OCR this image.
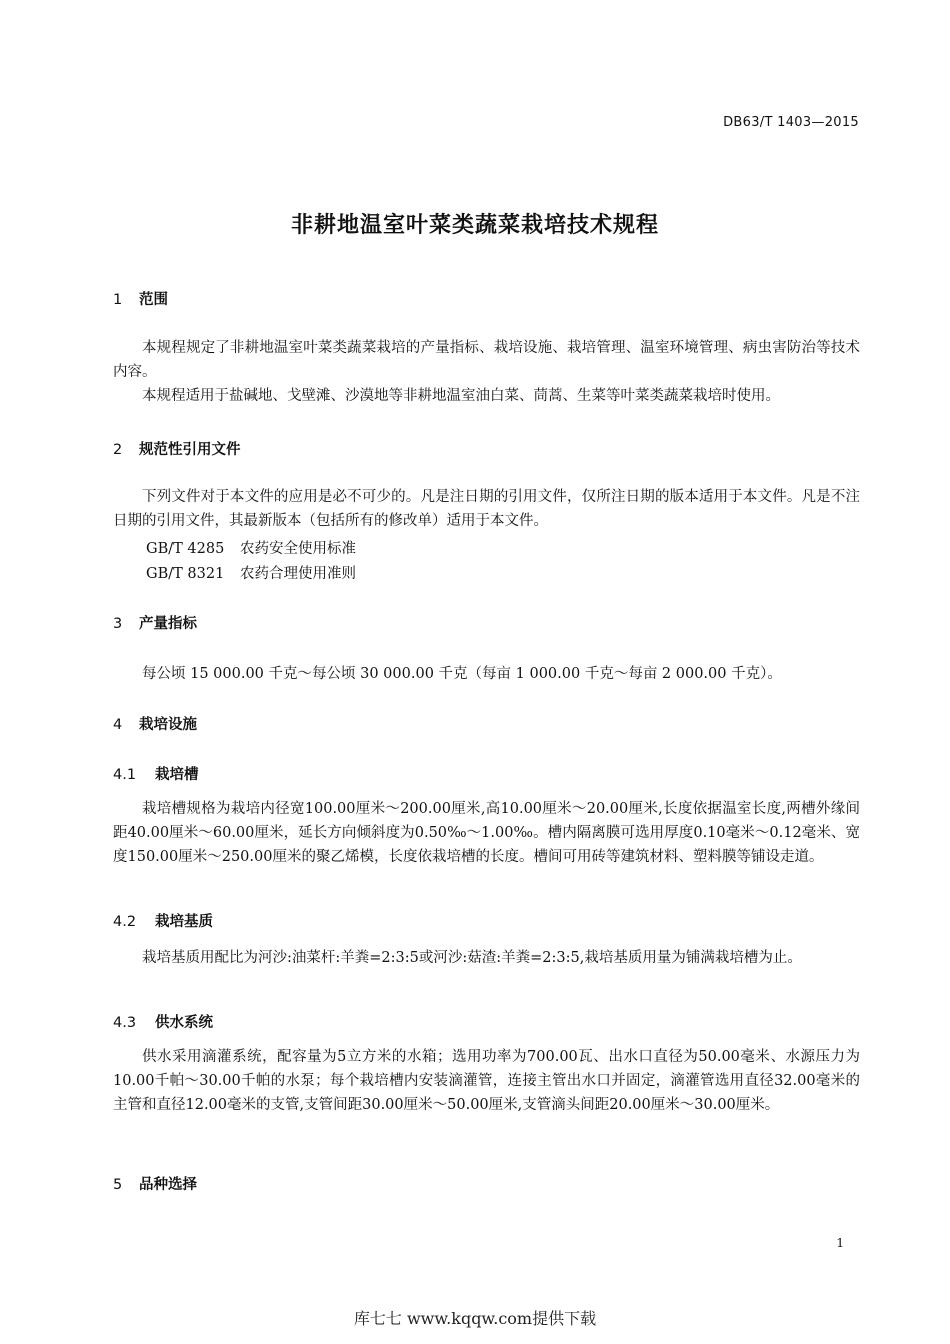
DB63/T 1403—2015
非耕地温室叶菜类蔬菜栽培技术规程
1 范围

本规程规定了非耕地温室叶菜类蔬菜栽培的产量指标、栽培设施、栽培管理、温室环境管理、病虫害防治等技术内容。

本规程适用于盐碱地、戈壁滩、沙漠地等非耕地温室油白菜、茼蒿、生菜等叶菜类蔬菜栽培时使用。

2 规范性引用文件

下列文件对于本文件的应用是必不可少的。凡是注日期的引用文件，仅所注日期的版本适用于本文件。凡是不注日期的引用文件，其最新版本（包括所有的修改单）适用于本文件。

GB/T 4285 农药安全使用标准
GB/T 8321 农药合理使用准则
3 产量指标

每公顷 15 000.00 千克～每公顷 30 000.00 千克（每亩 1 000.00 千克～每亩 2 000.00 千克）。

4 栽培设施
4.1 栽培槽

栽培槽规格为栽培内径宽100.00厘米～200.00厘米,高10.00厘米～20.00厘米,长度依据温室长度,两槽外缘间距40.00厘米～60.00厘米，延长方向倾斜度为0.50‰～1.00‰。槽内隔离膜可选用厚度0.10毫米～0.12毫米、宽度150.00厘米～250.00厘米的聚乙烯模，长度依栽培槽的长度。槽间可用砖等建筑材料、塑料膜等铺设走道。

4.2 栽培基质

栽培基质用配比为河沙:油菜杆:羊粪=2:3:5或河沙:菇渣:羊粪=2:3:5,栽培基质用量为铺满栽培槽为止。

4.3 供水系统

供水采用滴灌系统，配容量为5立方米的水箱；选用功率为700.00瓦、出水口直径为50.00毫米、水源压力为10.00千帕～30.00千帕的水泵；每个栽培槽内安装滴灌管，连接主管出水口并固定，滴灌管选用直径32.00毫米的主管和直径12.00毫米的支管,支管间距30.00厘米～50.00厘米,支管滴头间距20.00厘米～30.00厘米。

5 品种选择
1
库七七 www.kqqw.com提供下载
